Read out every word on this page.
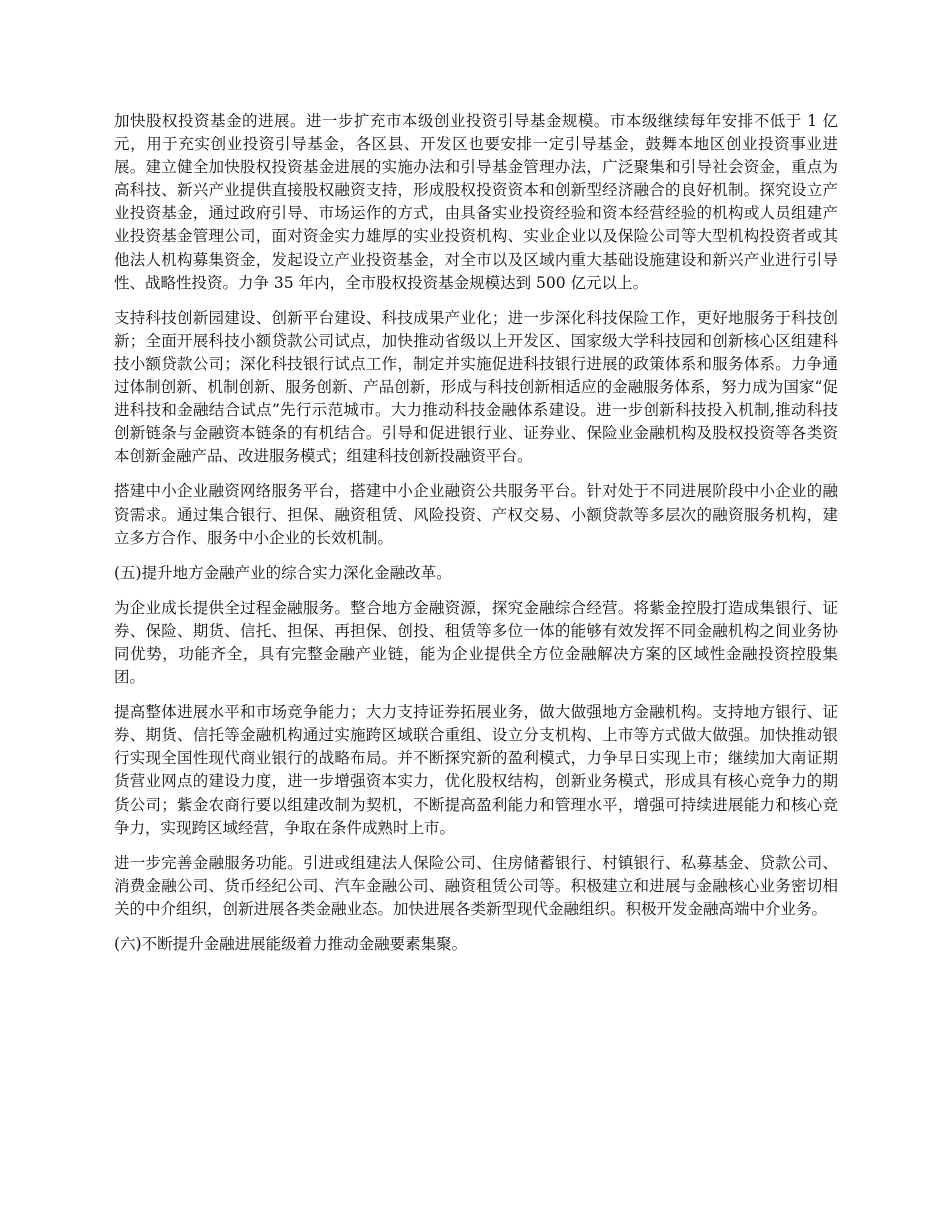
加快股权投资基金的进展。进一步扩充市本级创业投资引导基金规模。市本级继续每年安排不低于 1 亿元，用于充实创业投资引导基金，各区县、开发区也要安排一定引导基金，鼓舞本地区创业投资事业进展。建立健全加快股权投资基金进展的实施办法和引导基金管理办法，广泛聚集和引导社会资金，重点为高科技、新兴产业提供直接股权融资支持，形成股权投资资本和创新型经济融合的良好机制。探究设立产业投资基金，通过政府引导、市场运作的方式，由具备实业投资经验和资本经营经验的机构或人员组建产业投资基金管理公司，面对资金实力雄厚的实业投资机构、实业企业以及保险公司等大型机构投资者或其他法人机构募集资金，发起设立产业投资基金，对全市以及区域内重大基础设施建设和新兴产业进行引导性、战略性投资。力争 35 年内，全市股权投资基金规模达到 500 亿元以上。

支持科技创新园建设、创新平台建设、科技成果产业化；进一步深化科技保险工作，更好地服务于科技创新；全面开展科技小额贷款公司试点，加快推动省级以上开发区、国家级大学科技园和创新核心区组建科技小额贷款公司；深化科技银行试点工作，制定并实施促进科技银行进展的政策体系和服务体系。力争通过体制创新、机制创新、服务创新、产品创新，形成与科技创新相适应的金融服务体系，努力成为国家“促进科技和金融结合试点”先行示范城市。大力推动科技金融体系建设。进一步创新科技投入机制,推动科技创新链条与金融资本链条的有机结合。引导和促进银行业、证券业、保险业金融机构及股权投资等各类资本创新金融产品、改进服务模式；组建科技创新投融资平台。

搭建中小企业融资网络服务平台，搭建中小企业融资公共服务平台。针对处于不同进展阶段中小企业的融资需求。通过集合银行、担保、融资租赁、风险投资、产权交易、小额贷款等多层次的融资服务机构，建立多方合作、服务中小企业的长效机制。

(五)提升地方金融产业的综合实力深化金融改革。

为企业成长提供全过程金融服务。整合地方金融资源，探究金融综合经营。将紫金控股打造成集银行、证券、保险、期货、信托、担保、再担保、创投、租赁等多位一体的能够有效发挥不同金融机构之间业务协同优势，功能齐全，具有完整金融产业链，能为企业提供全方位金融解决方案的区域性金融投资控股集团。

提高整体进展水平和市场竞争能力；大力支持证券拓展业务，做大做强地方金融机构。支持地方银行、证券、期货、信托等金融机构通过实施跨区域联合重组、设立分支机构、上市等方式做大做强。加快推动银行实现全国性现代商业银行的战略布局。并不断探究新的盈利模式，力争早日实现上市；继续加大南证期货营业网点的建设力度，进一步增强资本实力，优化股权结构，创新业务模式，形成具有核心竞争力的期货公司；紫金农商行要以组建改制为契机，不断提高盈利能力和管理水平，增强可持续进展能力和核心竞争力，实现跨区域经营，争取在条件成熟时上市。

进一步完善金融服务功能。引进或组建法人保险公司、住房储蓄银行、村镇银行、私募基金、贷款公司、消费金融公司、货币经纪公司、汽车金融公司、融资租赁公司等。积极建立和进展与金融核心业务密切相关的中介组织，创新进展各类金融业态。加快进展各类新型现代金融组织。积极开发金融高端中介业务。

(六)不断提升金融进展能级着力推动金融要素集聚。
